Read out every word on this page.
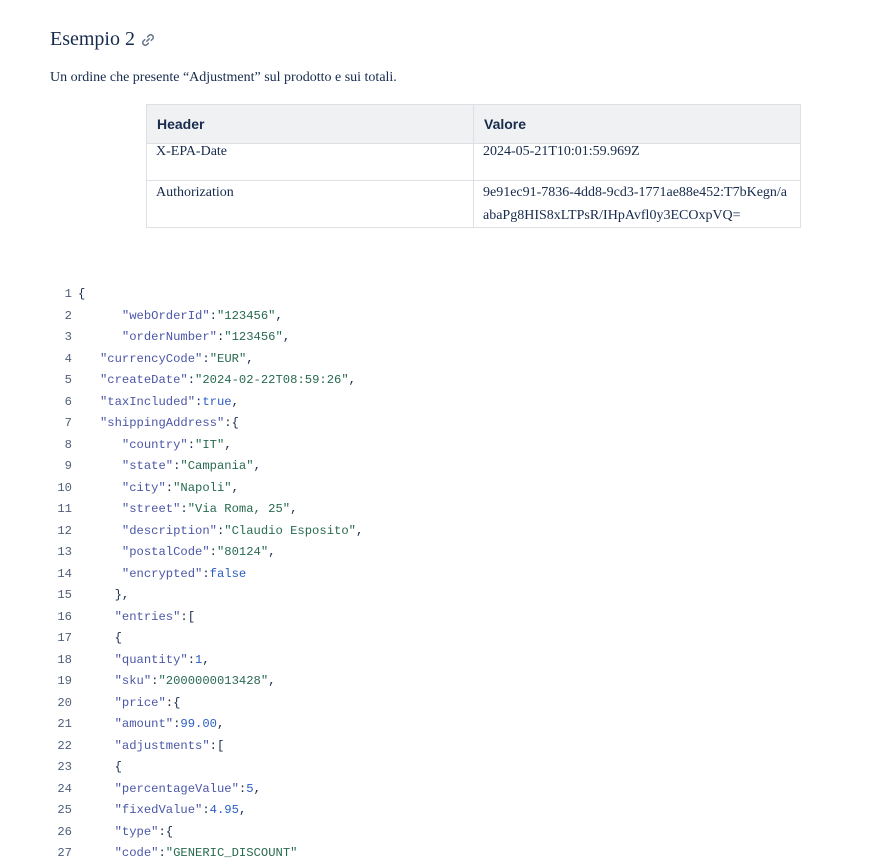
Esempio 2
Un ordine che presente “Adjustment” sul prodotto e sui totali.
Header	Valore
X-EPA-Date	2024-05-21T10:01:59.969Z
Authorization	9e91ec91-7836-4dd8-9cd3-1771ae88e452:T7bKegn/aabaPg8HIS8xLTPsR/IHpAvfl0y3ECOxpVQ=
1 {
2	"webOrderId":"123456",
3	"orderNumber":"123456",
4	"currencyCode":"EUR",
5	"createDate":"2024-02-22T08:59:26",
6	"taxIncluded":true,
7	"shippingAddress":{
8	"country":"IT",
9	"state":"Campania",
10	"city":"Napoli",
11	"street":"Via Roma, 25",
12	"description":"Claudio Esposito",
13	"postalCode":"80124",
14	"encrypted":false
15	},
16	"entries":[
17	{
18	"quantity":1,
19	"sku":"2000000013428",
20	"price":{
21	"amount":99.00,
22	"adjustments":[
23	{
24	"percentageValue":5,
25	"fixedValue":4.95,
26	"type":{
27	"code":"GENERIC_DISCOUNT"
